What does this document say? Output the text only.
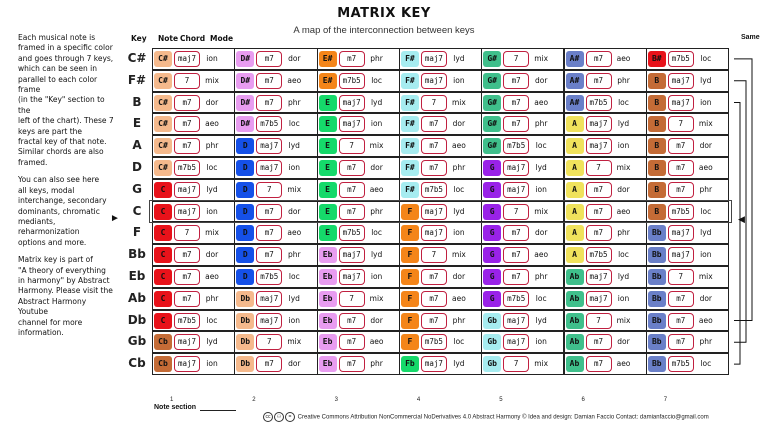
MATRIX KEY
A map of the interconnection between keys

Each musical note is
framed in a specific color
and goes through 7 keys,
which can be seen in
parallel to each color frame
(in the "Key" section to the
left of the chart). These 7
keys are part the
fractal key of that note.
Similar chords are also
framed.

You can also see here
all keys, modal
interchange, secondary
dominants, chromatic
mediants, reharmonization
options and more.

Matrix key is part of
"A theory of everything
in harmony" by Abstract
Harmony. Please visit the
Abstract Harmony Youtube
channel for more
information.

Key Note Chord Mode	Same
►	◀
C#	C#	maj7	ion	D#	m7	dor	E#	m7	phr	F#	maj7	lyd	G#	7	mix	A#	m7	aeo	B#	m7b5	loc
F#	C#	7	mix	D#	m7	aeo	E#	m7b5	loc	F#	maj7	ion	G#	m7	dor	A#	m7	phr	B	maj7	lyd
B	C#	m7	dor	D#	m7	phr	E	maj7	lyd	F#	7	mix	G#	m7	aeo	A#	m7b5	loc	B	maj7	ion
E	C#	m7	aeo	D#	m7b5	loc	E	maj7	ion	F#	m7	dor	G#	m7	phr	A	maj7	lyd	B	7	mix
A	C#	m7	phr	D	maj7	lyd	E	7	mix	F#	m7	aeo	G#	m7b5	loc	A	maj7	ion	B	m7	dor
D	C#	m7b5	loc	D	maj7	ion	E	m7	dor	F#	m7	phr	G	maj7	lyd	A	7	mix	B	m7	aeo
G	C	maj7	lyd	D	7	mix	E	m7	aeo	F#	m7b5	loc	G	maj7	ion	A	m7	dor	B	m7	phr
C	C	maj7	ion	D	m7	dor	E	m7	phr	F	maj7	lyd	G	7	mix	A	m7	aeo	B	m7b5	loc
F	C	7	mix	D	m7	aeo	E	m7b5	loc	F	maj7	ion	G	m7	dor	A	m7	phr	Bb	maj7	lyd
Bb	C	m7	dor	D	m7	phr	Eb	maj7	lyd	F	7	mix	G	m7	aeo	A	m7b5	loc	Bb	maj7	ion
Eb	C	m7	aeo	D	m7b5	loc	Eb	maj7	ion	F	m7	dor	G	m7	phr	Ab	maj7	lyd	Bb	7	mix
Ab	C	m7	phr	Db	maj7	lyd	Eb	7	mix	F	m7	aeo	G	m7b5	loc	Ab	maj7	ion	Bb	m7	dor
Db	C	m7b5	loc	Db	maj7	ion	Eb	m7	dor	F	m7	phr	Gb	maj7	lyd	Ab	7	mix	Bb	m7	aeo
Gb	Cb	maj7	lyd	Db	7	mix	Eb	m7	aeo	F	m7b5	loc	Gb	maj7	ion	Ab	m7	dor	Bb	m7	phr
Cb	Cb	maj7	ion	Db	m7	dor	Eb	m7	phr	Fb	maj7	lyd	Gb	7	mix	Ab	m7	aeo	Bb	m7b5	loc
1	2	3	4	5	6	7
Note section
cc ⚇ = Creative Commons Attribution NonCommercial NoDerivatives 4.0 Abstract Harmony © Idea and design: Damian Faccio Contact: damianfaccio@gmail.com
